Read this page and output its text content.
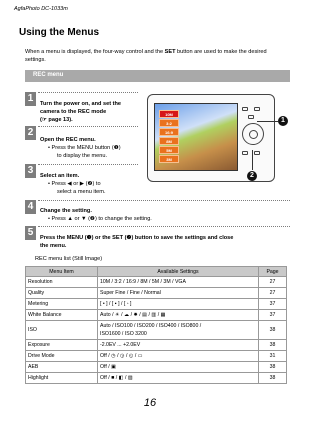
AgfaPhoto DC-1033m
Using the Menus
When a menu is displayed, the four-way control and the SET button are used to make the desired settings.
REC menu
1	Turn the power on, and set the
camera to the REC mode
(☞ page 13).
2
Open the REC menu.
• Press the MENU button (❶)
to display the menu.
3	Select an item.
• Press ◀ or ▶ (❷) to
select a menu item.
4	Change the setting.
• Press ▲ or ▼ (❷) to change the setting.
5	Press the MENU (❶) or the SET (❷) button to save the settings and close
the menu.
10M
3:2
16:9
8M
5M
3M
1
2
REC menu list (Still Image)
Menu Item	Available Settings	Page
Resolution	10M / 3:2 / 16:9 / 8M / 5M / 3M / VGA	27
Quality	Super Fine / Fine / Normal	27
Metering	[ • ] / [ ▪ ] / [ ◦ ]	37
White Balance	Auto / ☀ / ☁ / ✹ / ▤ / ▥ / ▦	37
ISO	Auto / ISO100 / ISO200 / ISO400 / ISO800 /
ISO1600 / ISO 3200	38
Exposure	-2.0EV ... +2.0EV	38
Drive Mode	Off / ◷ / ◶ / ◵ / ▭	31
AEB	Off / ▣	38
Highlight	Off / ■ / ◧ / ▨	38
16
